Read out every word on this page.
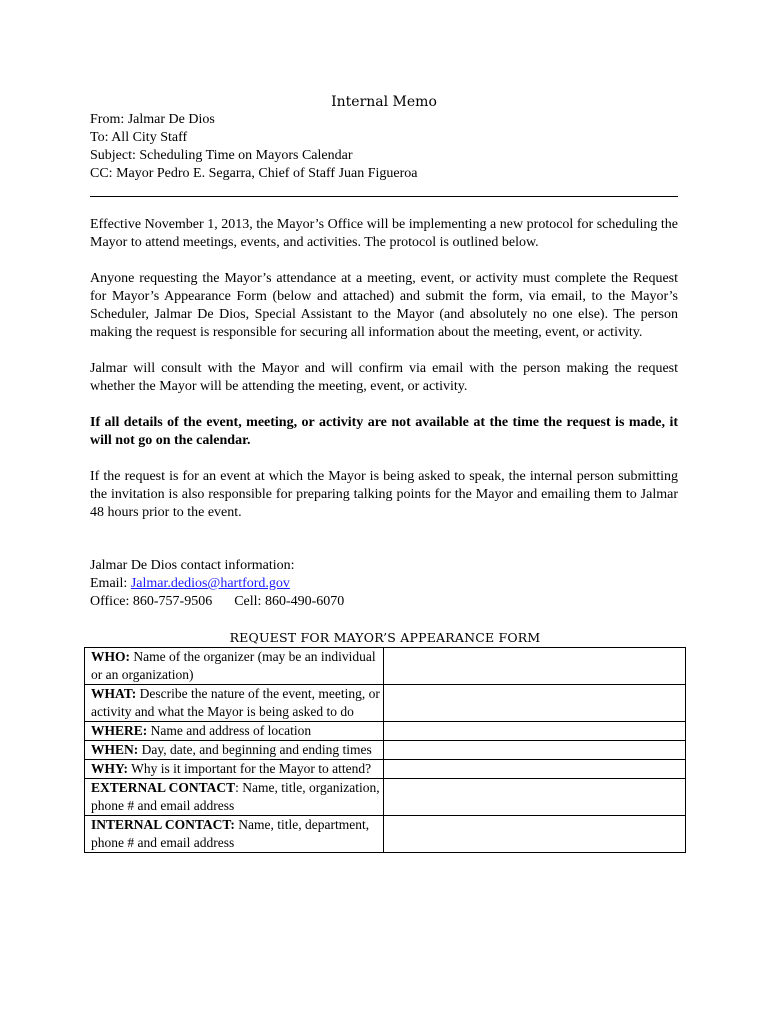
Internal Memo
From: Jalmar De Dios
To: All City Staff
Subject: Scheduling Time on Mayors Calendar
CC: Mayor Pedro E. Segarra, Chief of Staff Juan Figueroa

Effective November 1, 2013, the Mayor’s Office will be implementing a new protocol for scheduling the Mayor to attend meetings, events, and activities. The protocol is outlined below.

Anyone requesting the Mayor’s attendance at a meeting, event, or activity must complete the Request for Mayor’s Appearance Form (below and attached) and submit the form, via email, to the Mayor’s Scheduler, Jalmar De Dios, Special Assistant to the Mayor (and absolutely no one else). The person making the request is responsible for securing all information about the meeting, event, or activity.

Jalmar will consult with the Mayor and will confirm via email with the person making the request whether the Mayor will be attending the meeting, event, or activity.

If all details of the event, meeting, or activity are not available at the time the request is made, it will not go on the calendar.

If the request is for an event at which the Mayor is being asked to speak, the internal person submitting the invitation is also responsible for preparing talking points for the Mayor and emailing them to Jalmar 48 hours prior to the event.

Jalmar De Dios contact information:
Email: Jalmar.dedios@hartford.gov
Office: 860-757-9506 Cell: 860-490-6070
REQUEST FOR MAYOR’S APPEARANCE FORM
WHO: Name of the organizer (may be an individual or an organization)	
WHAT: Describe the nature of the event, meeting, or activity and what the Mayor is being asked to do	
WHERE: Name and address of location	
WHEN: Day, date, and beginning and ending times	
WHY: Why is it important for the Mayor to attend?	
EXTERNAL CONTACT: Name, title, organization, phone # and email address	
INTERNAL CONTACT: Name, title, department, phone # and email address	
